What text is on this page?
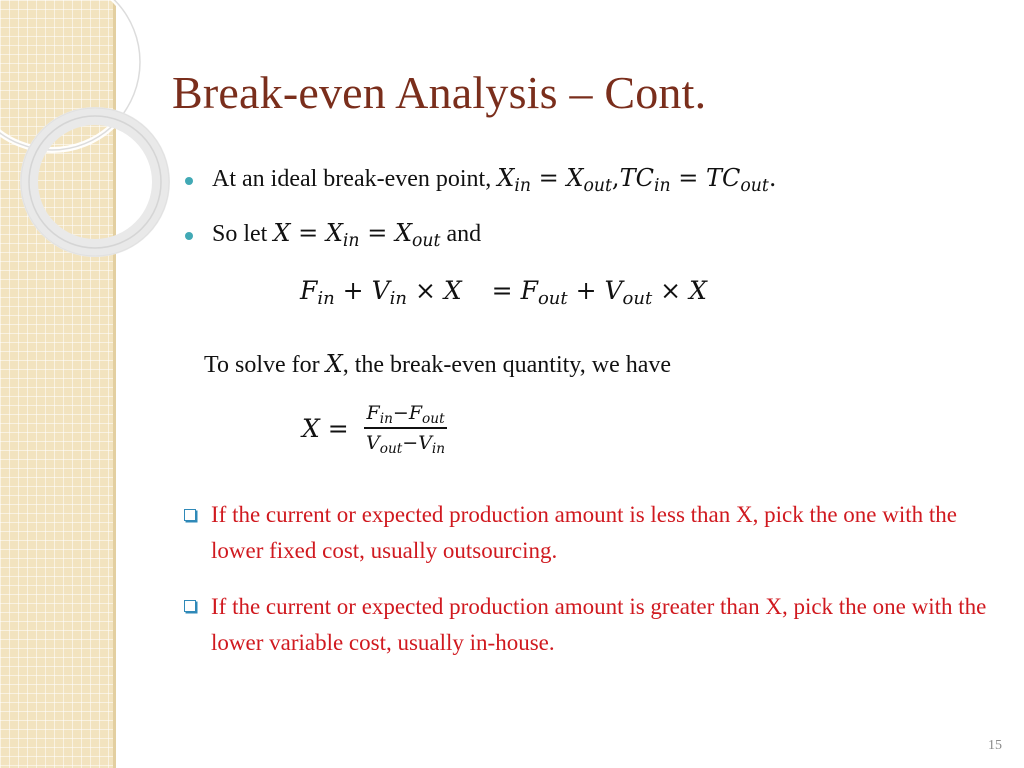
Break-even Analysis – Cont.
At an ideal break-even point, $X_{in} = X_{out},TC_{in} = TC_{out}$.
So let $X = X_{in} = X_{out}$ and
$F_{in} + V_{in} \times X = F_{out} + V_{out} \times X$
To solve for X, the break-even quantity, we have
X =
$F_{in}-F_{out}$
$V_{out}-V_{in}$
If the current or expected production amount is less than X, pick the one with the lower fixed cost, usually outsourcing.
If the current or expected production amount is greater than X, pick the one with the lower variable cost, usually in-house.
15
